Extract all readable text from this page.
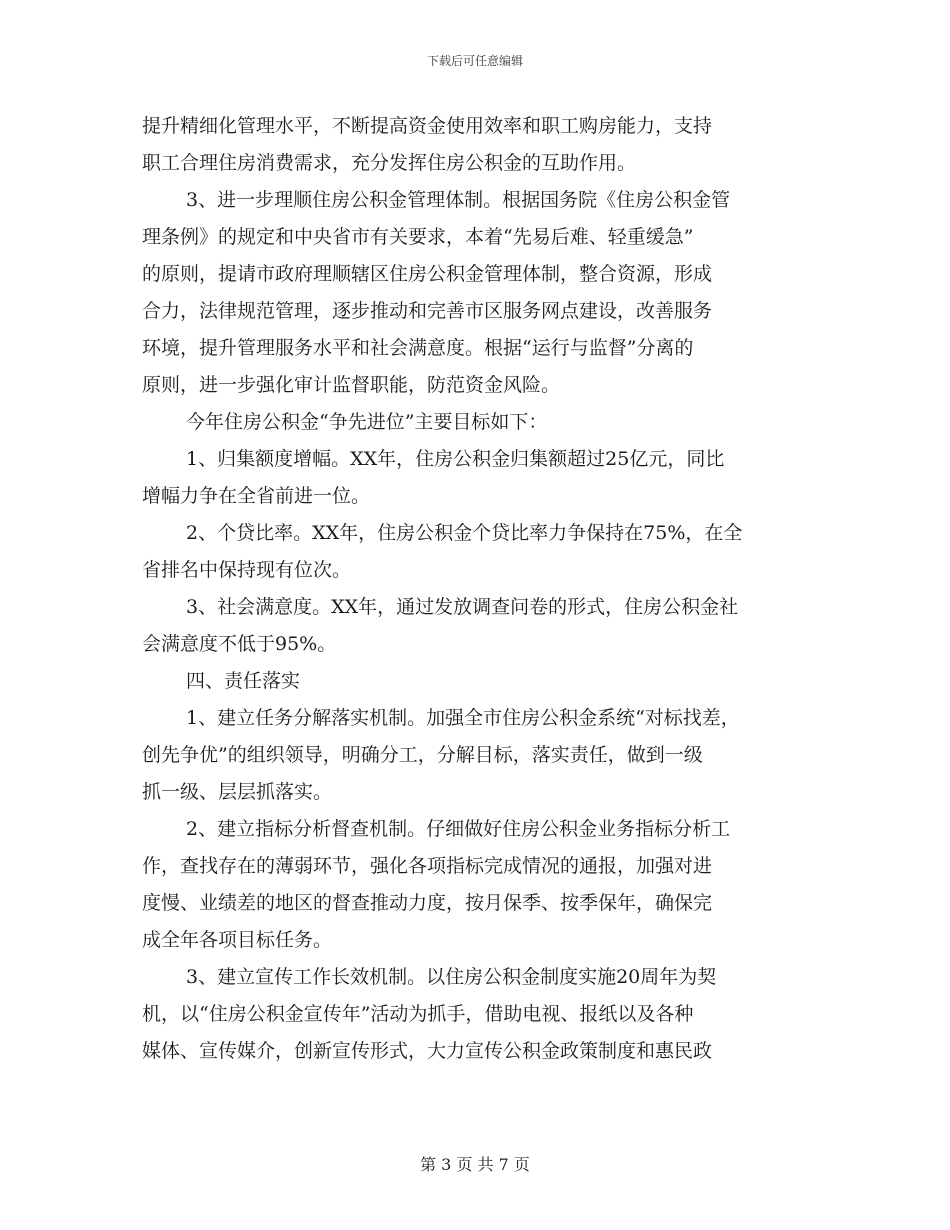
下载后可任意编辑
提升精细化管理水平，不断提高资金使用效率和职工购房能力，支持
职工合理住房消费需求，充分发挥住房公积金的互助作用。
3、进一步理顺住房公积金管理体制。根据国务院《住房公积金管
理条例》的规定和中央省市有关要求，本着“先易后难、轻重缓急”
的原则，提请市政府理顺辖区住房公积金管理体制，整合资源，形成
合力，法律规范管理，逐步推动和完善市区服务网点建设，改善服务
环境，提升管理服务水平和社会满意度。根据“运行与监督”分离的
原则，进一步强化审计监督职能，防范资金风险。
今年住房公积金“争先进位”主要目标如下：
1、归集额度增幅。XX年，住房公积金归集额超过25亿元，同比
增幅力争在全省前进一位。
2、个贷比率。XX年，住房公积金个贷比率力争保持在75%，在全
省排名中保持现有位次。
3、社会满意度。XX年，通过发放调查问卷的形式，住房公积金社
会满意度不低于95%。
四、责任落实
1、建立任务分解落实机制。加强全市住房公积金系统“对标找差，
创先争优”的组织领导，明确分工，分解目标，落实责任，做到一级
抓一级、层层抓落实。
2、建立指标分析督查机制。仔细做好住房公积金业务指标分析工
作，查找存在的薄弱环节，强化各项指标完成情况的通报，加强对进
度慢、业绩差的地区的督查推动力度，按月保季、按季保年，确保完
成全年各项目标任务。
3、建立宣传工作长效机制。以住房公积金制度实施20周年为契
机，以“住房公积金宣传年”活动为抓手，借助电视、报纸以及各种
媒体、宣传媒介，创新宣传形式，大力宣传公积金政策制度和惠民政
第 3 页 共 7 页
